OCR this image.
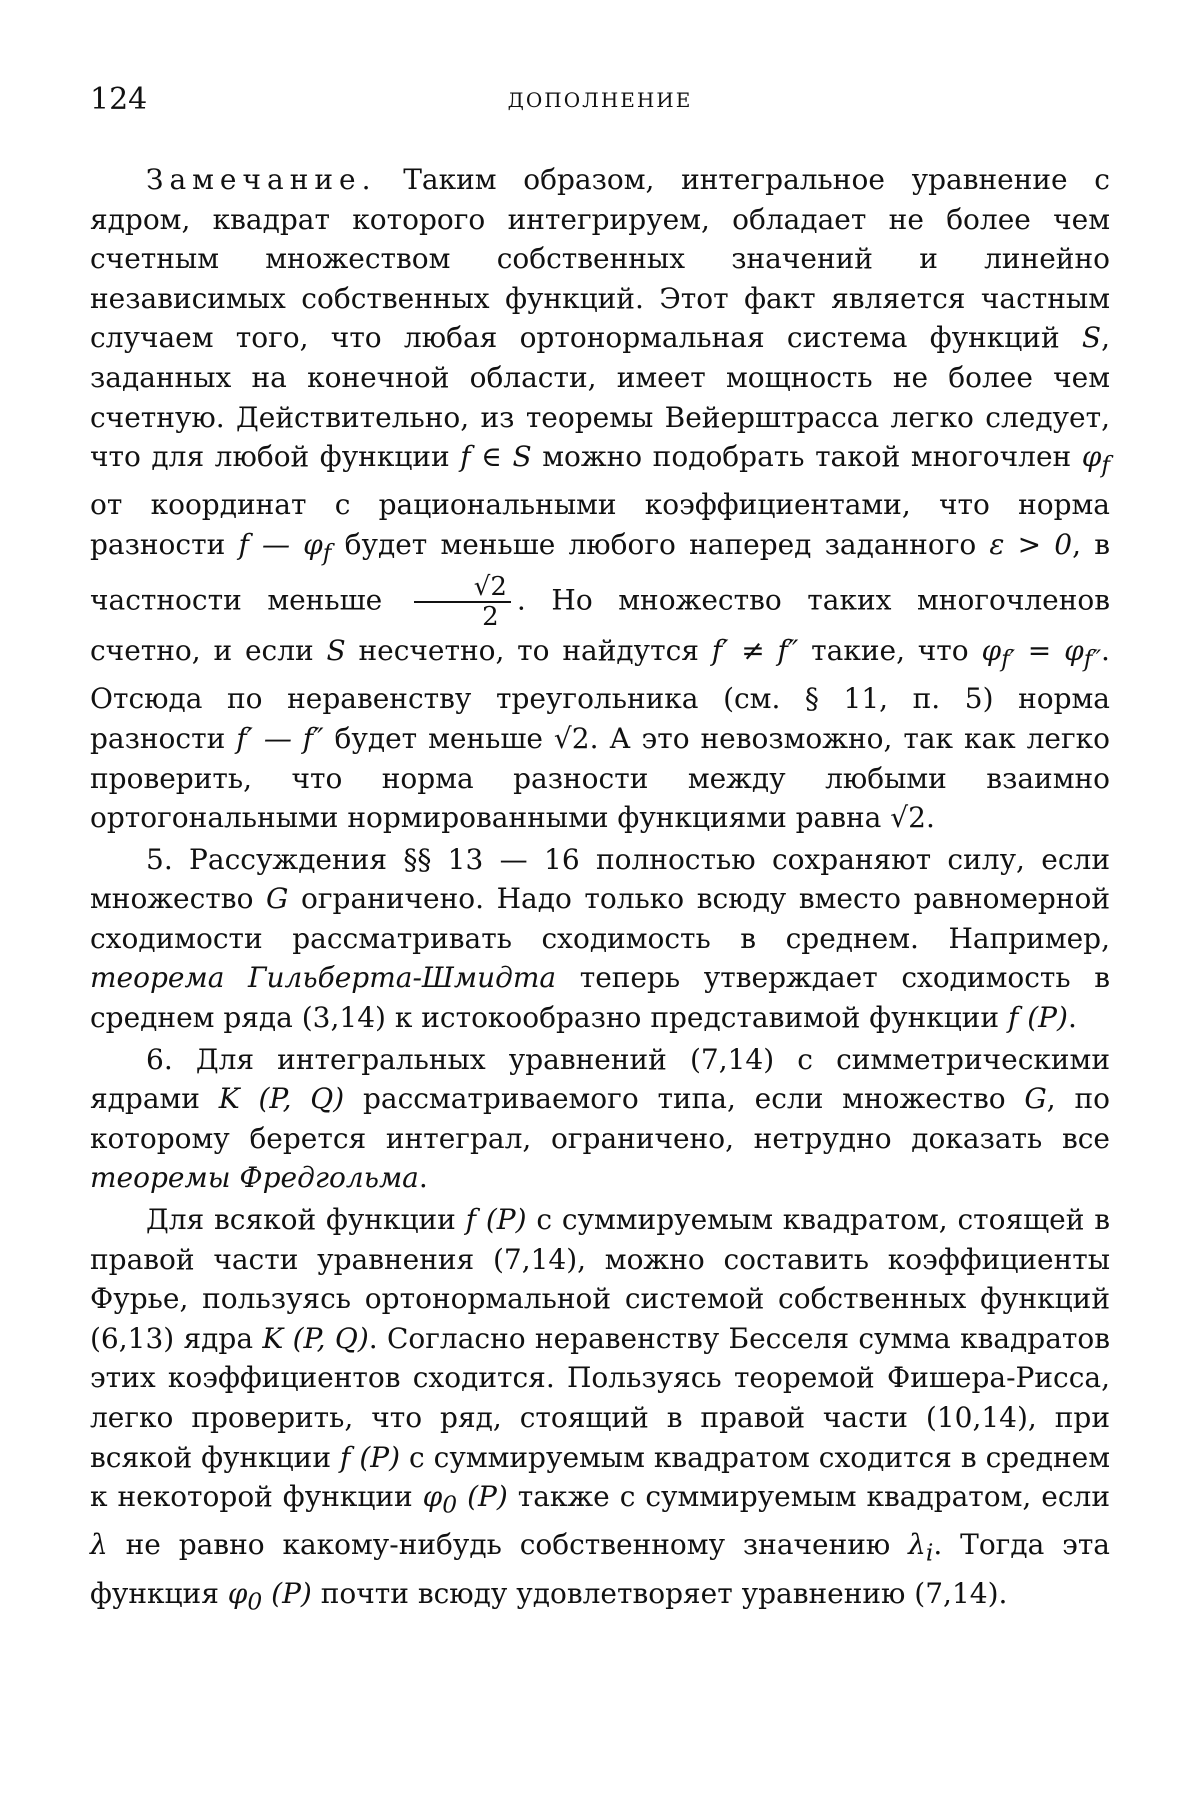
124	ДОПОЛНЕНИЕ

Замечание. Таким образом, интегральное уравнение с ядром, квадрат которого интегрируем, обладает не более чем счетным множеством собственных значений и линейно независимых собственных функций. Этот факт является частным случаем того, что любая ортонормальная система функций S, заданных на конечной области, имеет мощность не более чем счетную. Действительно, из теоремы Вейерштрасса легко следует, что для любой функции f ∈ S можно подобрать такой многочлен $\varphi_f$ от координат с рациональными коэффициентами, что норма разности f — $\varphi_f$ будет меньше любого наперед заданного ε > 0, в частности меньше $\frac{√2}{2}$ . Но множество таких многочленов счетно, и если S несчетно, то найдутся f′ ≠ f″ такие, что $\varphi_{f'} = \varphi_{f''}$. Отсюда по неравенству треугольника (см. § 11, п. 5) норма разности f′ — f″ будет меньше √2. А это невозможно, так как легко проверить, что норма разности между любыми взаимно ортогональными нормированными функциями равна √2.

5. Рассуждения §§ 13 — 16 полностью сохраняют силу, если множество G ограничено. Надо только всюду вместо равномерной сходимости рассматривать сходимость в среднем. Например, теорема Гильберта-Шмидта теперь утверждает сходимость в среднем ряда (3,14) к истокообразно представимой функции f (P).

6. Для интегральных уравнений (7,14) с симметрическими ядрами K (P, Q) рассматриваемого типа, если множество G, по которому берется интеграл, ограничено, нетрудно доказать все теоремы Фредгольма.

Для всякой функции f (P) с суммируемым квадратом, стоящей в правой части уравнения (7,14), можно составить коэффициенты Фурье, пользуясь ортонормальной системой собственных функций (6,13) ядра K (P, Q). Согласно неравенству Бесселя сумма квадратов этих коэффициентов сходится. Пользуясь теоремой Фишера-Рисса, легко проверить, что ряд, стоящий в правой части (10,14), при всякой функции f (P) с суммируемым квадратом сходится в среднем к некоторой функции $\varphi_0$ (P) также с суммируемым квадратом, если λ не равно какому-нибудь собственному значению $\lambda_i$. Тогда эта функция $\varphi_0$ (P) почти всюду удовлетворяет уравнению (7,14).
